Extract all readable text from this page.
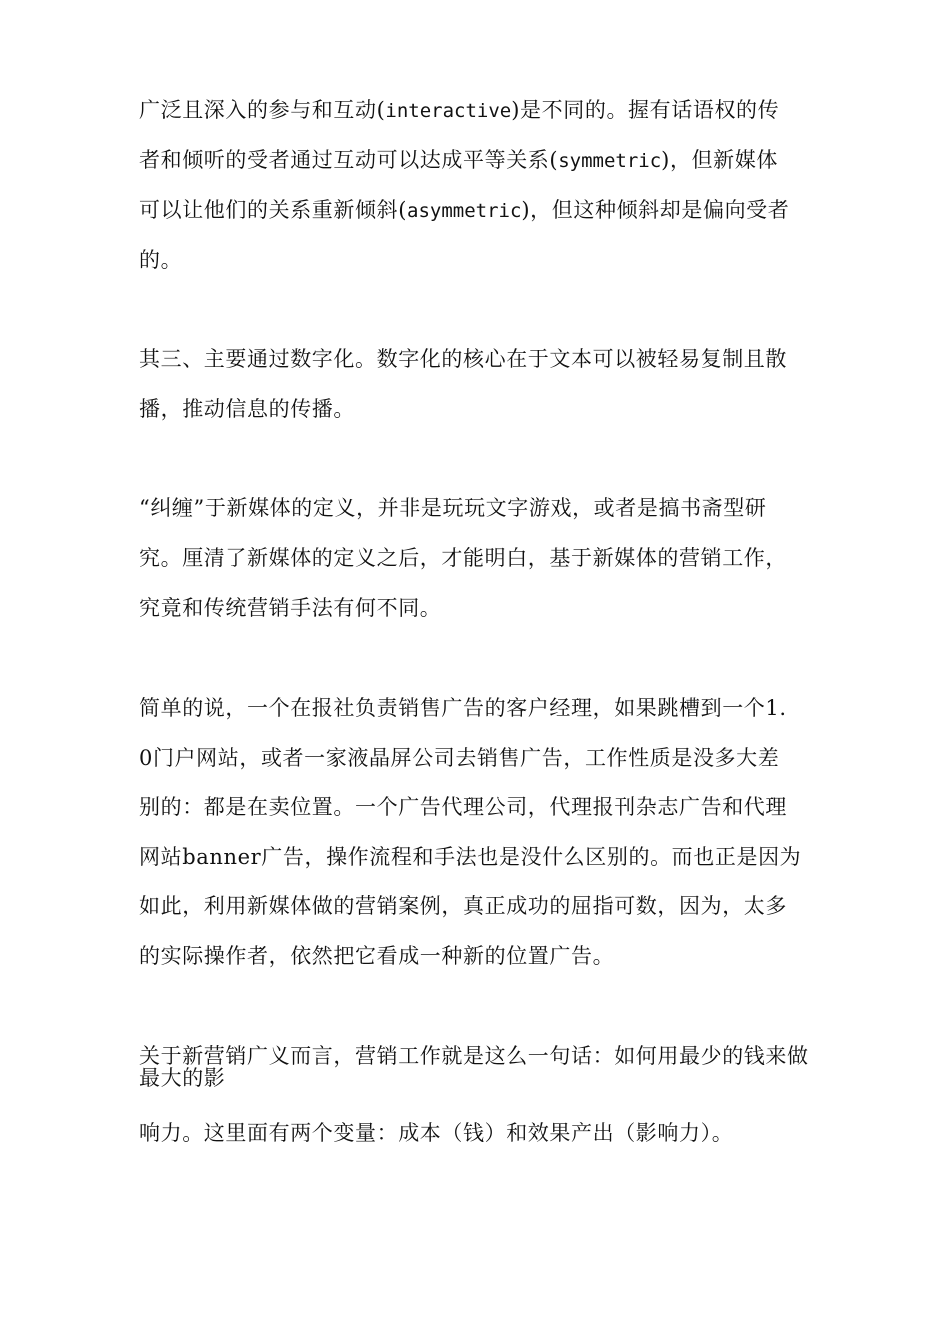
广泛且深入的参与和互动(interactive)是不同的。握有话语权的传
者和倾听的受者通过互动可以达成平等关系(symmetric)，但新媒体
可以让他们的关系重新倾斜(asymmetric)，但这种倾斜却是偏向受者
的。
其三、主要通过数字化。数字化的核心在于文本可以被轻易复制且散
播，推动信息的传播。
“纠缠”于新媒体的定义，并非是玩玩文字游戏，或者是搞书斋型研
究。厘清了新媒体的定义之后，才能明白，基于新媒体的营销工作，
究竟和传统营销手法有何不同。
简单的说，一个在报社负责销售广告的客户经理，如果跳槽到一个1.
0门户网站，或者一家液晶屏公司去销售广告，工作性质是没多大差
别的：都是在卖位置。一个广告代理公司，代理报刊杂志广告和代理
网站banner广告，操作流程和手法也是没什么区别的。而也正是因为
如此，利用新媒体做的营销案例，真正成功的屈指可数，因为，太多
的实际操作者，依然把它看成一种新的位置广告。
关于新营销广义而言，营销工作就是这么一句话：如何用最少的钱来做最大的影
响力。这里面有两个变量：成本（钱）和效果产出（影响力）。
